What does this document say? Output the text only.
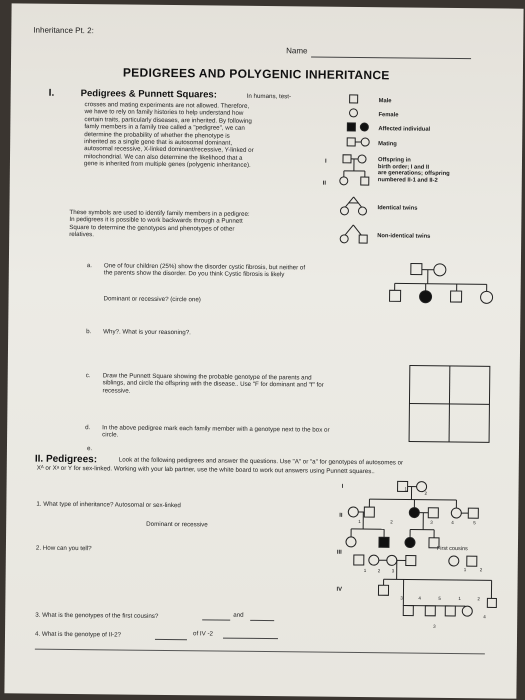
Inheritance Pt. 2:
Name
PEDIGREES AND POLYGENIC INHERITANCE
I.	Pedigrees & Punnett Squares:	In humans, test-
crosses and mating experiments are not allowed. Therefore,
we have to rely on family histories to help understand how
certain traits, particularly diseases, are inherited. By following
famly members in a family tree called a "pedigree", we can
determine the probability of whether the phenotype is
inherited as a single gene that is autosomal dominant,
autosomal recessive, X-linked dominant/recessive, Y-linked or
mitochondrial. We can also determine the likelihood that a
gene is inherited from multiple genes (polygenic inheritance).
These symbols are used to identify family members in a pedigree:
In pedigrees it is possible to work backwards through a Punnett
Square to determine the genotypes and phenotypes of other
relatives.
Male
Female
Affected individual
Mating
Offspring in
birth order; I and II
are generations; offspring
numbered II-1 and II-2
I
II
Identical twins
Non-identical twins
a. One of four children (25%) show the disorder cystic fibrosis, but neither of
the parents show the disorder. Do you think Cystic fibrosis is likely
Dominant or recessive? (circle one)
b. Why?. What is your reasoning?.
c. Draw the Punnett Square showing the probable genotype of the parents and
siblings, and circle the offspring with the disease.. Use "F for dominant and "f" for
recessive.
d. In the above pedigree mark each family member with a genotype next to the box or
circle.
e.
II. Pedigrees:	Look at the following pedigrees and answer the questions. Use "A" or "a" for genotypes of autosomes or
Xᴬ or Xᵃ or Y for sex-linked. Working with your lab partner, use the white board to work out answers using Punnett squares..
1. What type of inheritance? Autosomal or sex-linked
Dominant or recessive
2. How can you tell?
3. What is the genotypes of the first cousins?	and
4. What is the genotype of II-2?	of IV -2
I
II
III
IV
First cousins
1
2
1	2	3	4	5
1	2	3	1	2
3	4	5	1	2
3
4
